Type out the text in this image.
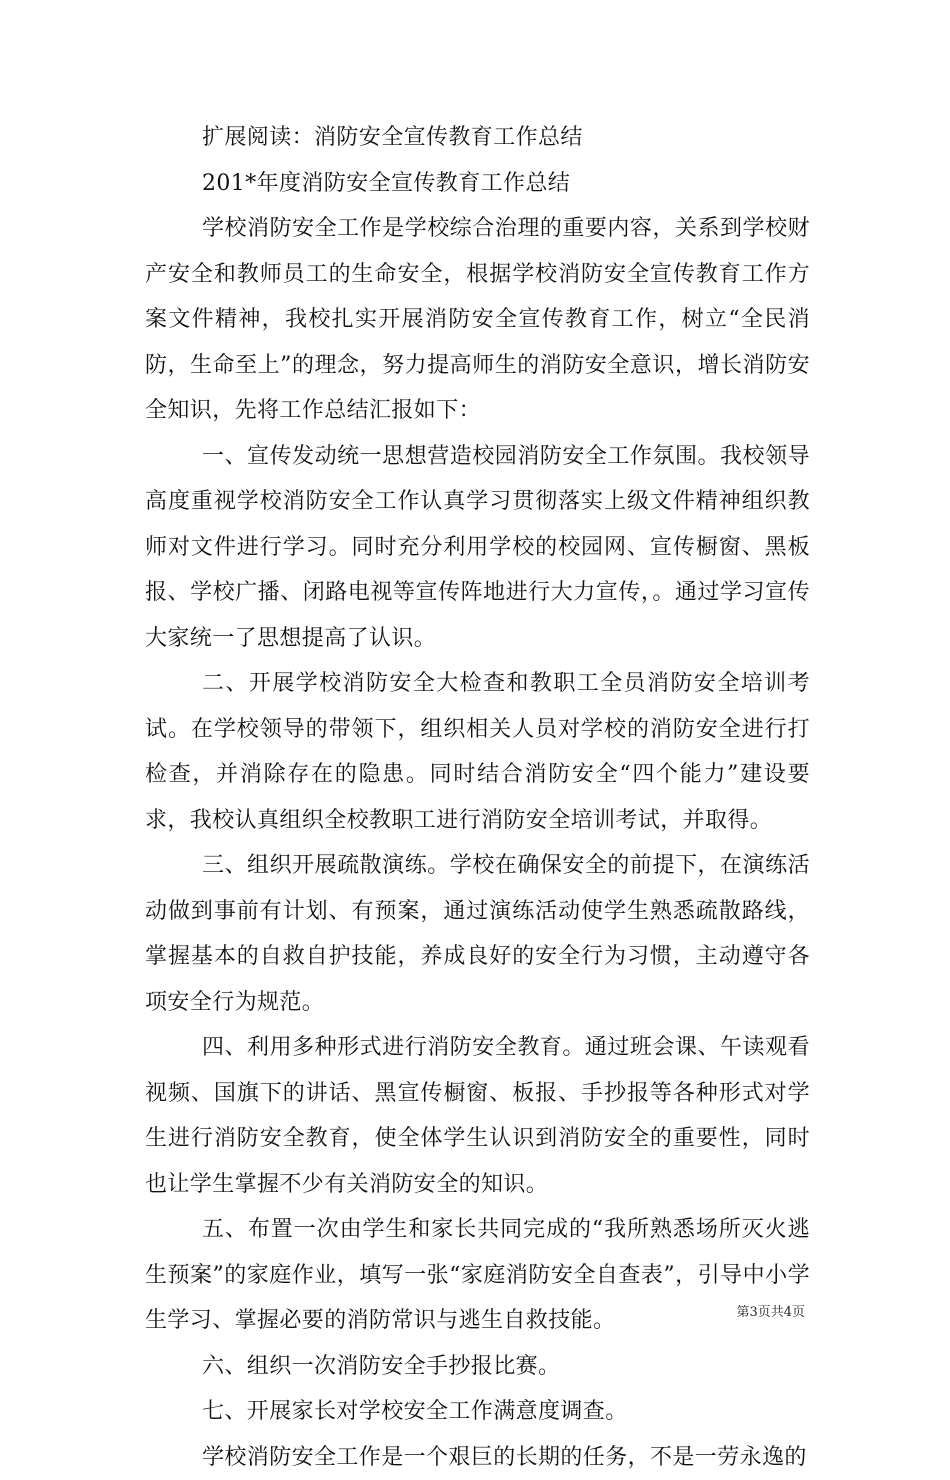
扩展阅读：消防安全宣传教育工作总结

201*年度消防安全宣传教育工作总结

学校消防安全工作是学校综合治理的重要内容，关系到学校财产安全和教师员工的生命安全，根据学校消防安全宣传教育工作方案文件精神，我校扎实开展消防安全宣传教育工作，树立“全民消防，生命至上”的理念，努力提高师生的消防安全意识，增长消防安全知识，先将工作总结汇报如下：

一、宣传发动统一思想营造校园消防安全工作氛围。我校领导高度重视学校消防安全工作认真学习贯彻落实上级文件精神组织教师对文件进行学习。同时充分利用学校的校园网、宣传橱窗、黑板报、学校广播、闭路电视等宣传阵地进行大力宣传，。通过学习宣传大家统一了思想提高了认识。

二、开展学校消防安全大检查和教职工全员消防安全培训考试。在学校领导的带领下，组织相关人员对学校的消防安全进行打检查，并消除存在的隐患。同时结合消防安全“四个能力”建设要求，我校认真组织全校教职工进行消防安全培训考试，并取得。

三、组织开展疏散演练。学校在确保安全的前提下，在演练活动做到事前有计划、有预案，通过演练活动使学生熟悉疏散路线，掌握基本的自救自护技能，养成良好的安全行为习惯，主动遵守各项安全行为规范。

四、利用多种形式进行消防安全教育。通过班会课、午读观看视频、国旗下的讲话、黑宣传橱窗、板报、手抄报等各种形式对学生进行消防安全教育，使全体学生认识到消防安全的重要性，同时也让学生掌握不少有关消防安全的知识。

五、布置一次由学生和家长共同完成的“我所熟悉场所灭火逃生预案”的家庭作业，填写一张“家庭消防安全自查表”，引导中小学生学习、掌握必要的消防常识与逃生自救技能。

六、组织一次消防安全手抄报比赛。

七、开展家长对学校安全工作满意度调查。

学校消防安全工作是一个艰巨的长期的任务，不是一劳永逸的

第3页共4页
